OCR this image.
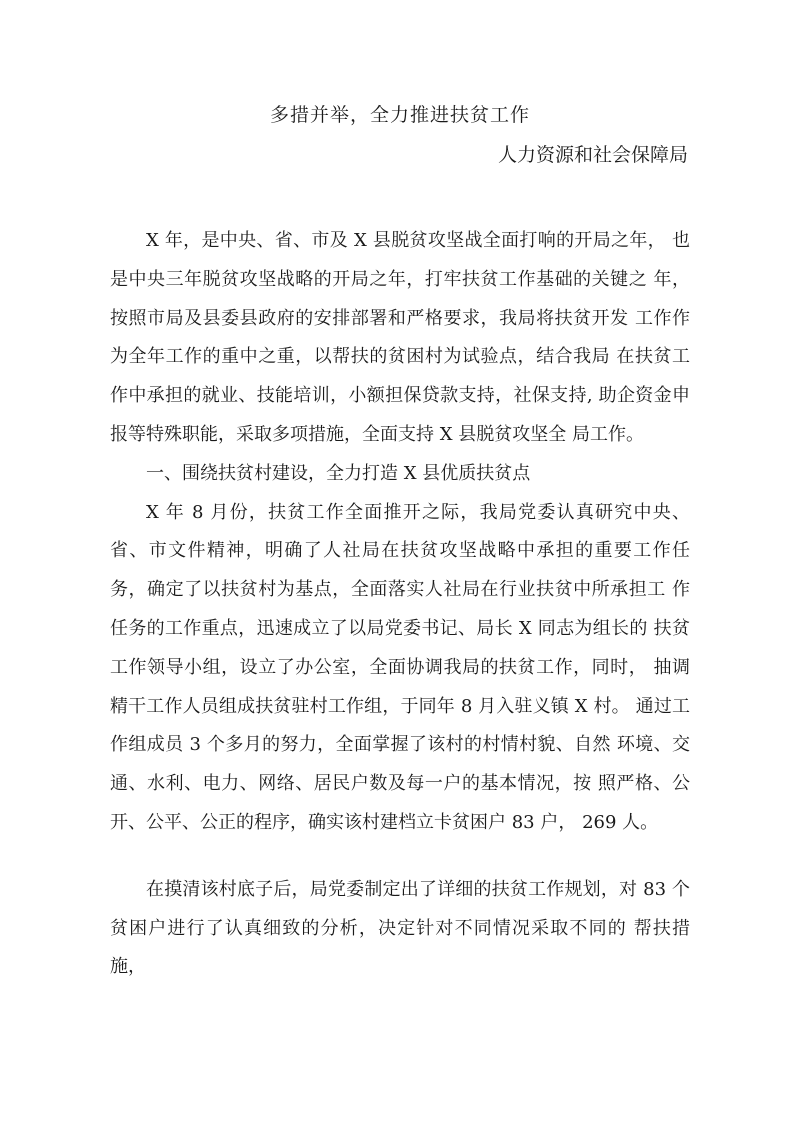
多措并举，全力推进扶贫工作
人力资源和社会保障局

X 年，是中央、省、市及 X 县脱贫攻坚战全面打响的开局之年， 也是中央三年脱贫攻坚战略的开局之年，打牢扶贫工作基础的关键之 年，按照市局及县委县政府的安排部署和严格要求，我局将扶贫开发 工作作为全年工作的重中之重，以帮扶的贫困村为试验点，结合我局 在扶贫工作中承担的就业、技能培训，小额担保贷款支持，社保支持, 助企资金申报等特殊职能，采取多项措施，全面支持 X 县脱贫攻坚全 局工作。

一、围绕扶贫村建设，全力打造 X 县优质扶贫点

X 年 8 月份，扶贫工作全面推开之际，我局党委认真研究中央、 省、市文件精神，明确了人社局在扶贫攻坚战略中承担的重要工作任 务，确定了以扶贫村为基点，全面落实人社局在行业扶贫中所承担工 作任务的工作重点，迅速成立了以局党委书记、局长 X 同志为组长的 扶贫工作领导小组，设立了办公室，全面协调我局的扶贫工作，同时， 抽调精干工作人员组成扶贫驻村工作组，于同年 8 月入驻义镇 X 村。 通过工作组成员 3 个多月的努力，全面掌握了该村的村情村貌、自然 环境、交通、水利、电力、网络、居民户数及每一户的基本情况，按 照严格、公开、公平、公正的程序，确实该村建档立卡贫困户 83 户， 269 人。

在摸清该村底子后，局党委制定出了详细的扶贫工作规划，对 83 个贫困户进行了认真细致的分析，决定针对不同情况采取不同的 帮扶措施，
